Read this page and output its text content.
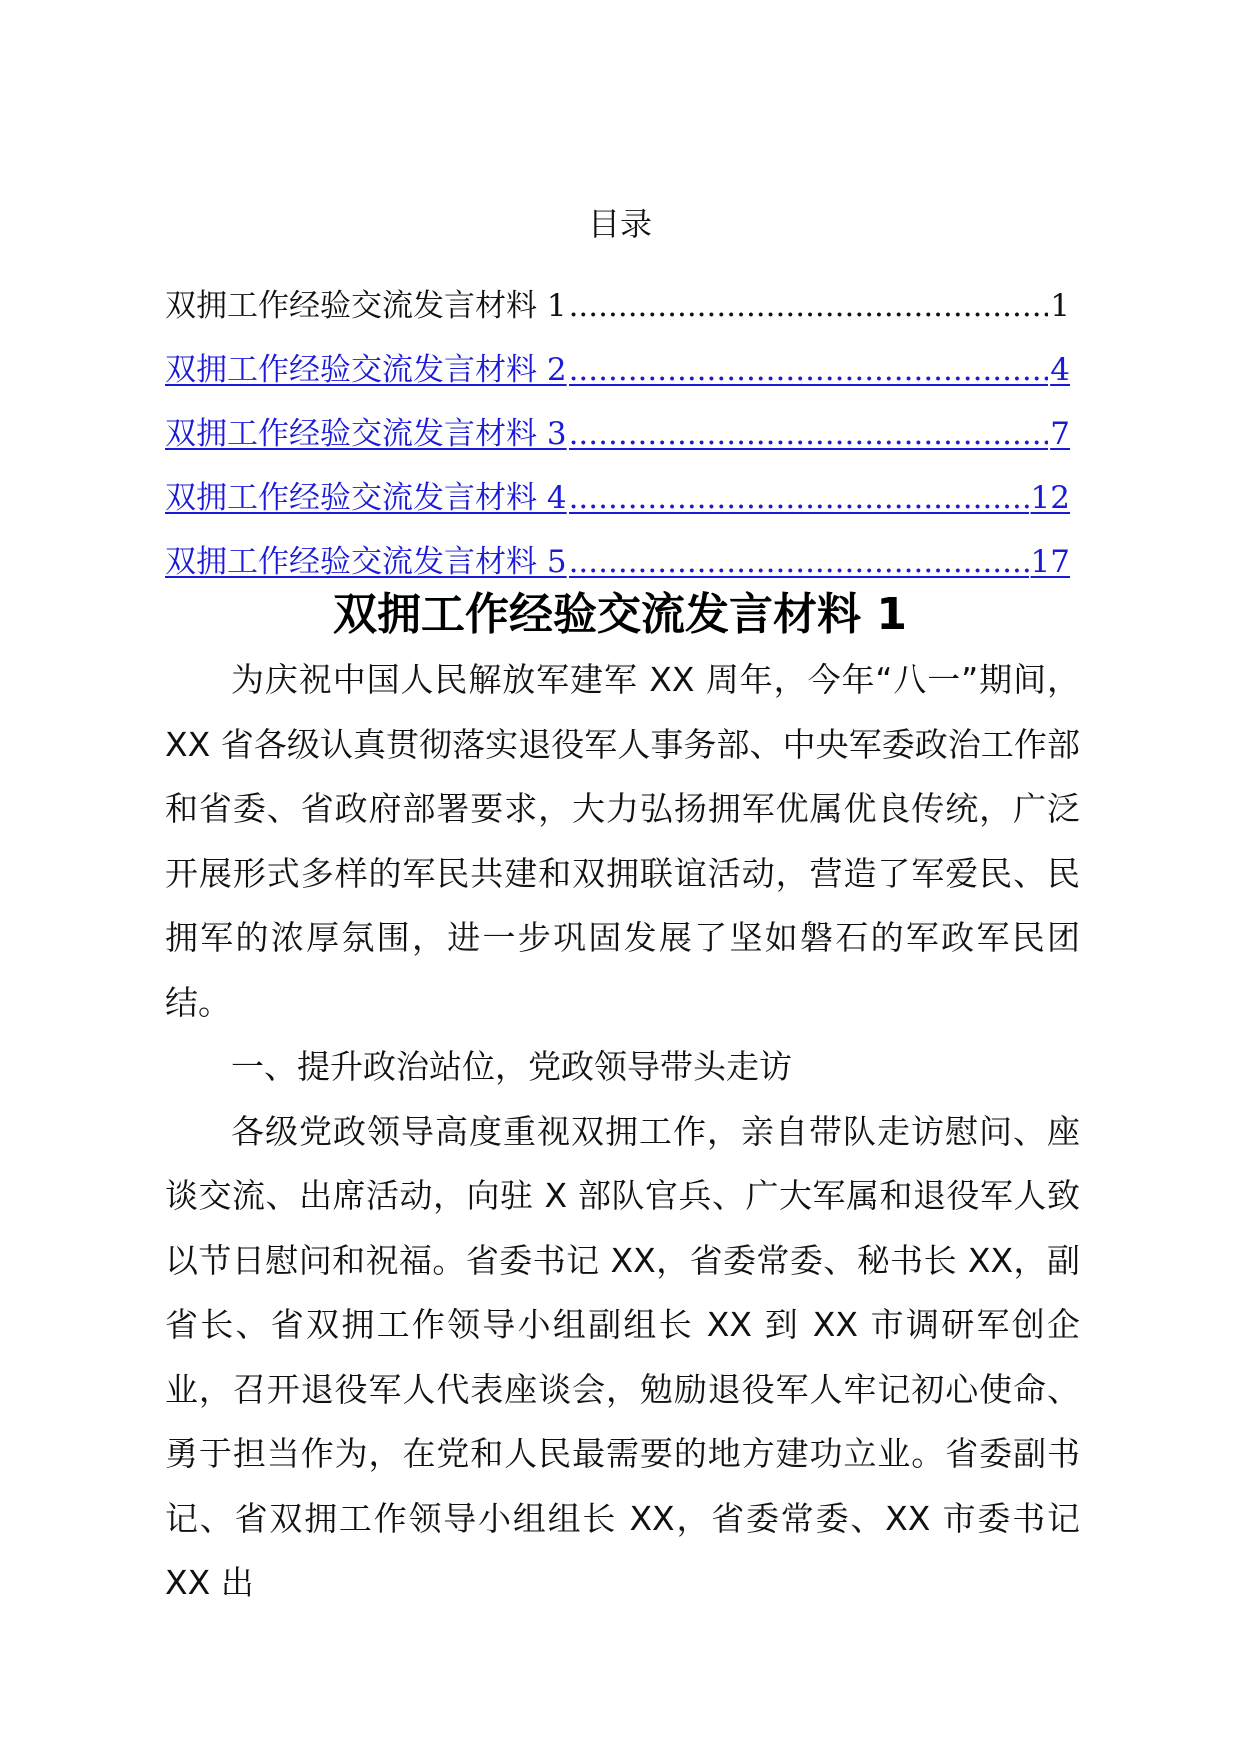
目录
双拥工作经验交流发言材料 1 .....	1
双拥工作经验交流发言材料 2 .....	4
双拥工作经验交流发言材料 3 .....	7
双拥工作经验交流发言材料 4 .....	12
双拥工作经验交流发言材料 5 .....	17
双拥工作经验交流发言材料 1

为庆祝中国人民解放军建军 XX 周年，今年“八一”期间，XX 省各级认真贯彻落实退役军人事务部、中央军委政治工作部和省委、省政府部署要求，大力弘扬拥军优属优良传统，广泛开展形式多样的军民共建和双拥联谊活动，营造了军爱民、民拥军的浓厚氛围，进一步巩固发展了坚如磐石的军政军民团结。

一、提升政治站位，党政领导带头走访

各级党政领导高度重视双拥工作，亲自带队走访慰问、座谈交流、出席活动，向驻 X 部队官兵、广大军属和退役军人致以节日慰问和祝福。省委书记 XX，省委常委、秘书长 XX，副省长、省双拥工作领导小组副组长 XX 到 XX 市调研军创企业，召开退役军人代表座谈会，勉励退役军人牢记初心使命、勇于担当作为，在党和人民最需要的地方建功立业。省委副书记、省双拥工作领导小组组长 XX，省委常委、XX 市委书记 XX 出
